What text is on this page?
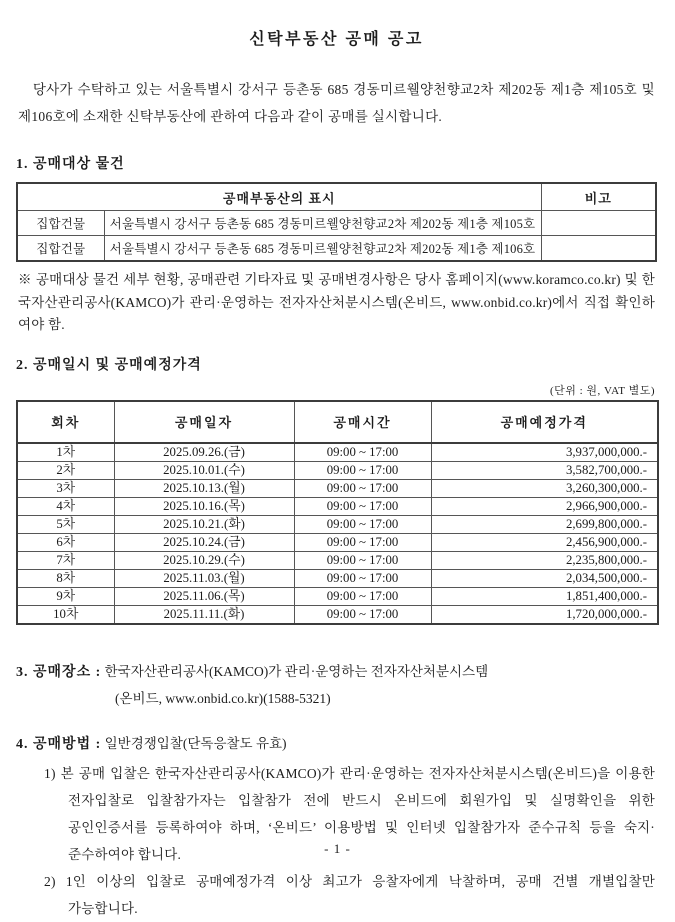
신탁부동산 공매 공고

당사가 수탁하고 있는 서울특별시 강서구 등촌동 685 경동미르웰양천향교2차 제202동 제1층 제105호 및 제106호에 소재한 신탁부동산에 관하여 다음과 같이 공매를 실시합니다.

1. 공매대상 물건
공매부동산의 표시		비고
집합건물	서울특별시 강서구 등촌동 685 경동미르웰양천향교2차 제202동 제1층 제105호	
집합건물	서울특별시 강서구 등촌동 685 경동미르웰양천향교2차 제202동 제1층 제106호	

※ 공매대상 물건 세부 현황, 공매관련 기타자료 및 공매변경사항은 당사 홈페이지(www.koramco.co.kr) 및 한국자산관리공사(KAMCO)가 관리·운영하는 전자자산처분시스템(온비드, www.onbid.co.kr)에서 직접 확인하여야 함.

2. 공매일시 및 공매예정가격
(단위 : 원, VAT 별도)
회차	공매일자	공매시간	공매예정가격
1차	2025.09.26.(금)	09:00 ~ 17:00	3,937,000,000.-
2차	2025.10.01.(수)	09:00 ~ 17:00	3,582,700,000.-
3차	2025.10.13.(월)	09:00 ~ 17:00	3,260,300,000.-
4차	2025.10.16.(목)	09:00 ~ 17:00	2,966,900,000.-
5차	2025.10.21.(화)	09:00 ~ 17:00	2,699,800,000.-
6차	2025.10.24.(금)	09:00 ~ 17:00	2,456,900,000.-
7차	2025.10.29.(수)	09:00 ~ 17:00	2,235,800,000.-
8차	2025.11.03.(월)	09:00 ~ 17:00	2,034,500,000.-
9차	2025.11.06.(목)	09:00 ~ 17:00	1,851,400,000.-
10차	2025.11.11.(화)	09:00 ~ 17:00	1,720,000,000.-
3. 공매장소 : 한국자산관리공사(KAMCO)가 관리·운영하는 전자자산처분시스템
(온비드, www.onbid.co.kr)(1588-5321)
4. 공매방법 : 일반경쟁입찰(단독응찰도 유효)

1) 본 공매 입찰은 한국자산관리공사(KAMCO)가 관리·운영하는 전자자산처분시스템(온비드)을 이용한 전자입찰로 입찰참가자는 입찰참가 전에 반드시 온비드에 회원가입 및 실명확인을 위한 공인인증서를 등록하여야 하며, ‘온비드’ 이용방법 및 인터넷 입찰참가자 준수규칙 등을 숙지·준수하여야 합니다.

2) 1인 이상의 입찰로 공매예정가격 이상 최고가 응찰자에게 낙찰하며, 공매 건별 개별입찰만 가능합니다.

- 1 -
